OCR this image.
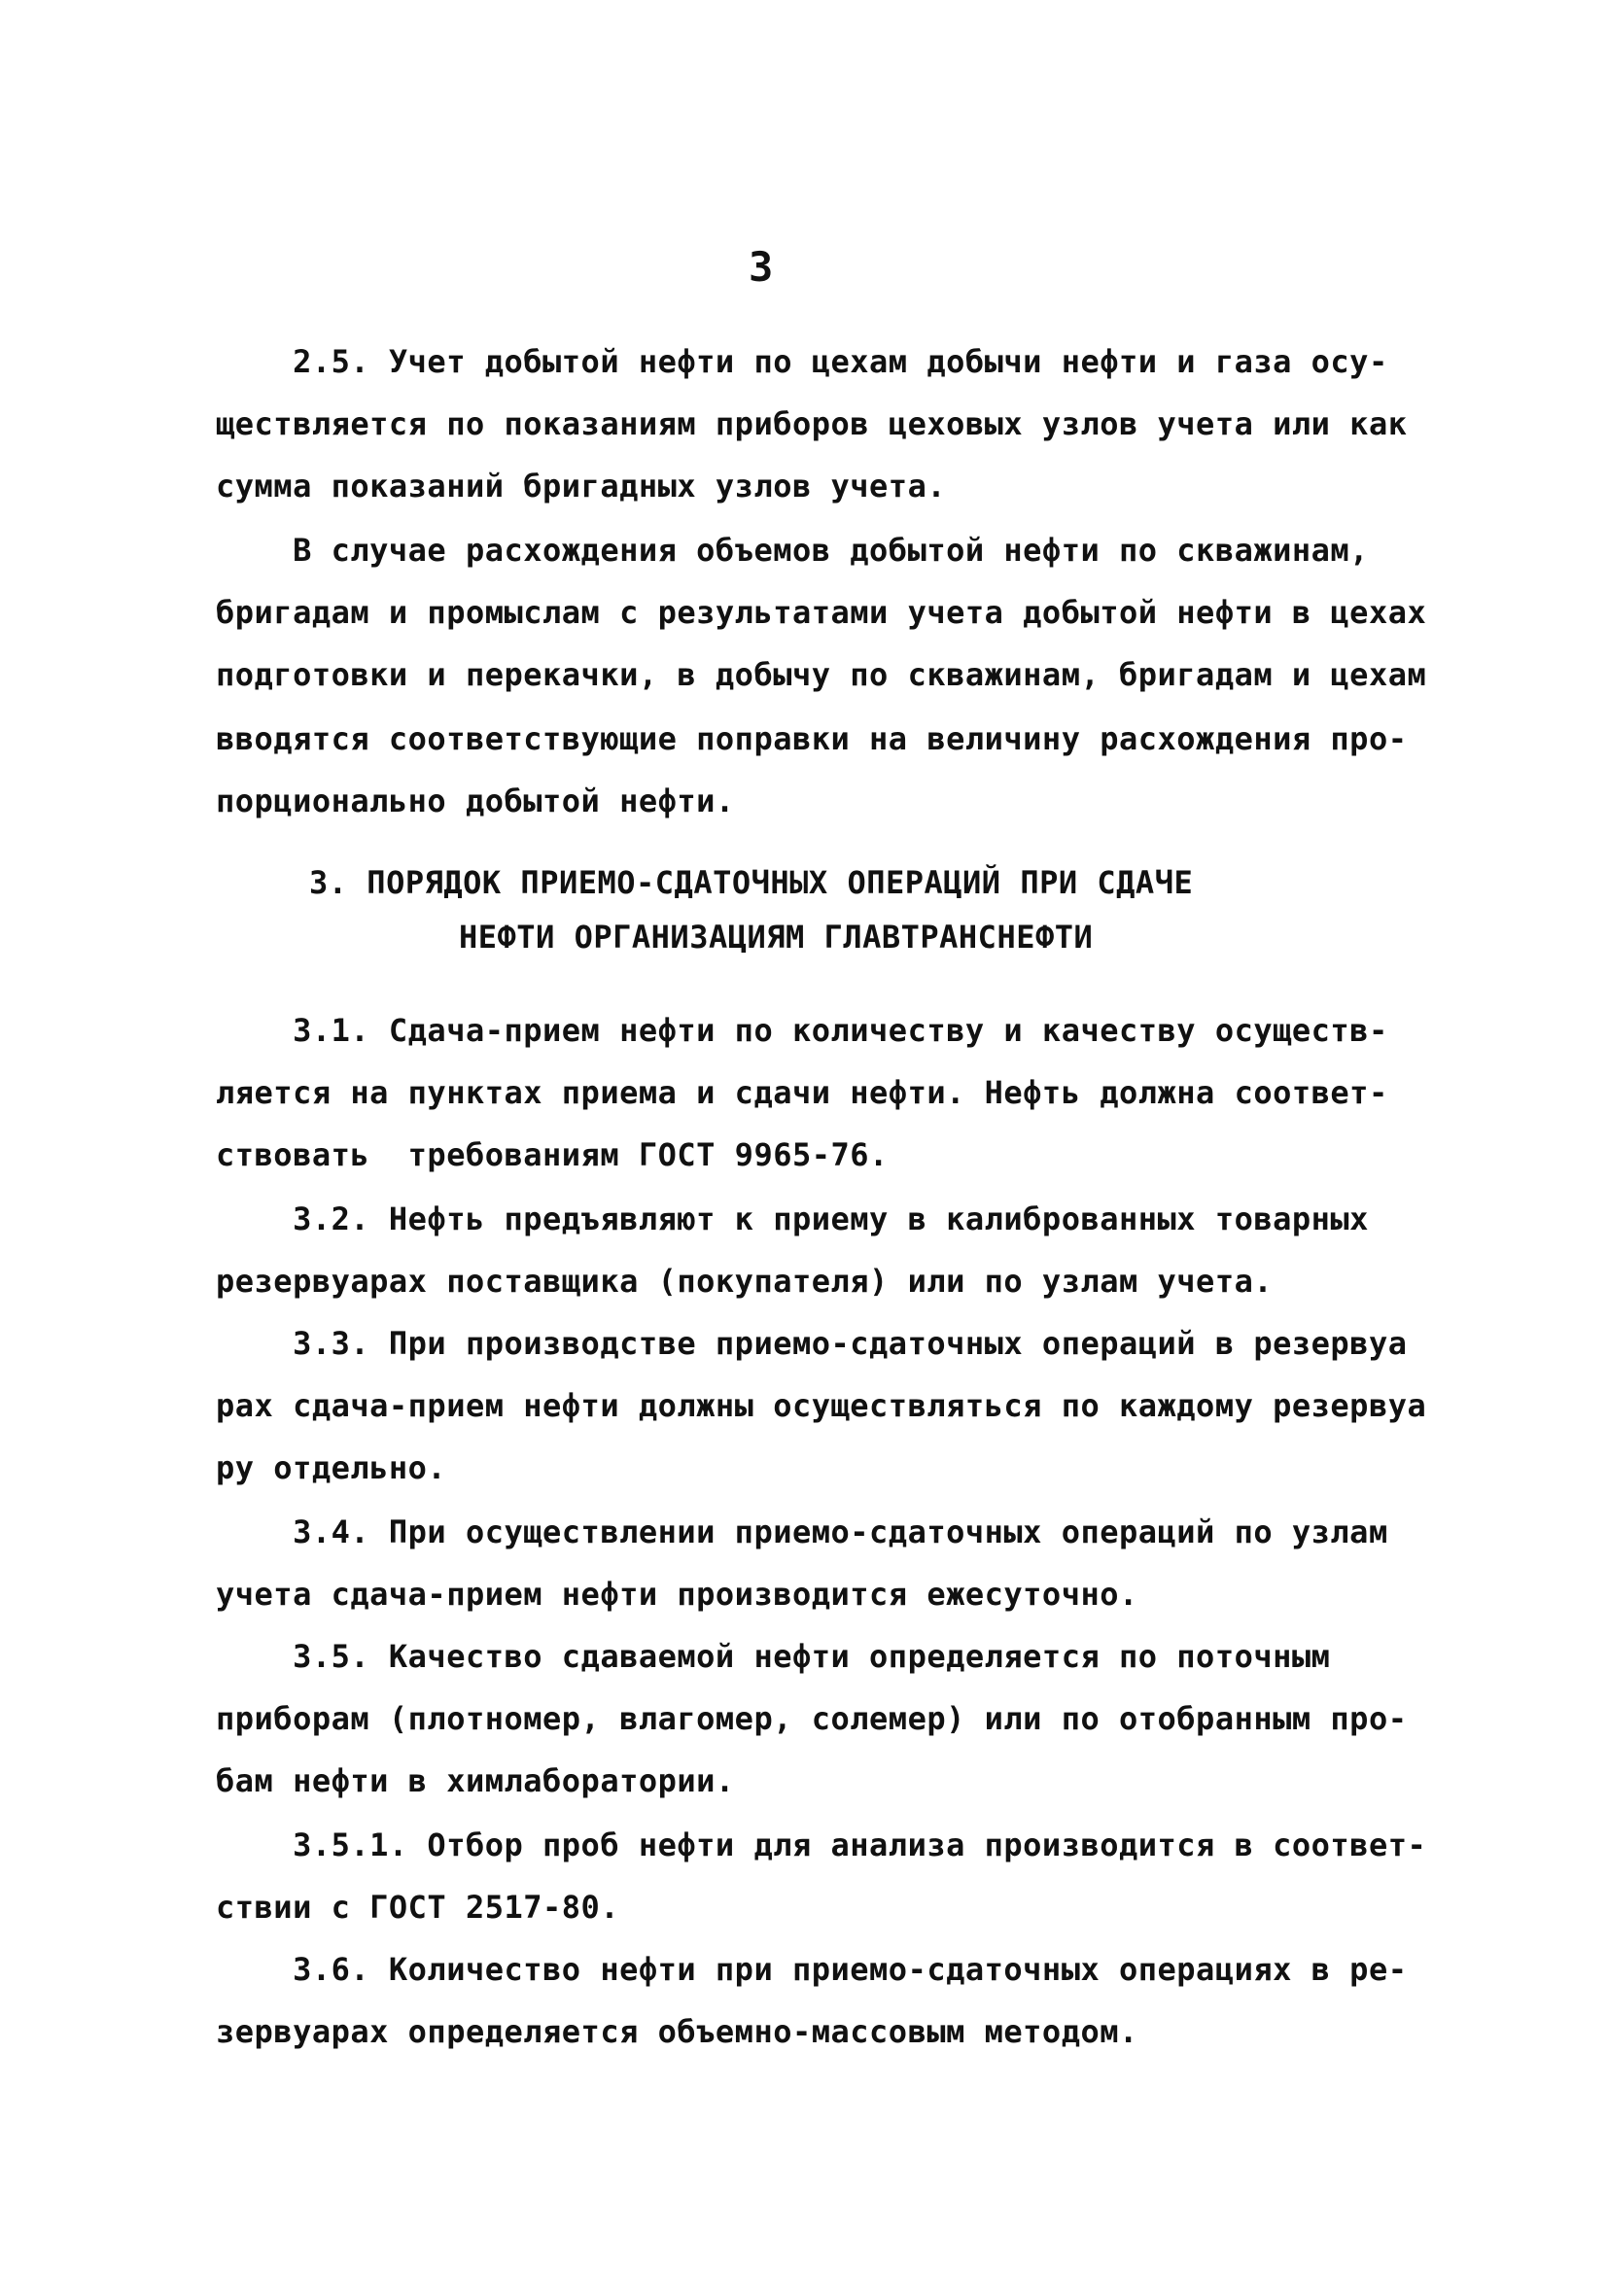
3
2.5. Учет добытой нефти по цехам добычи нефти и газа осу-
ществляется по показаниям приборов цеховых узлов учета или как
сумма показаний бригадных узлов учета.
В случае расхождения объемов добытой нефти по скважинам,
бригадам и промыслам с результатами учета добытой нефти в цехах
подготовки и перекачки, в добычу по скважинам, бригадам и цехам
вводятся соответствующие поправки на величину расхождения про-
порционально добытой нефти.
3. ПОРЯДОК ПРИЕМО-СДАТОЧНЫХ ОПЕРАЦИЙ ПРИ СДАЧЕ
НЕФТИ ОРГАНИЗАЦИЯМ ГЛАВТРАНСНЕФТИ
3.1. Сдача-прием нефти по количеству и качеству осуществ-
ляется на пунктах приема и сдачи нефти. Нефть должна соответ-
ствовать  требованиям ГОСТ 9965-76.
3.2. Нефть предъявляют к приему в калиброванных товарных
резервуарах поставщика (покупателя) или по узлам учета.
3.3. При производстве приемо-сдаточных операций в резервуа
рах сдача-прием нефти должны осуществляться по каждому резервуа
ру отдельно.
3.4. При осуществлении приемо-сдаточных операций по узлам
учета сдача-прием нефти производится ежесуточно.
3.5. Качество сдаваемой нефти определяется по поточным
приборам (плотномер, влагомер, солемер) или по отобранным про-
бам нефти в химлаборатории.
3.5.1. Отбор проб нефти для анализа производится в соответ-
ствии с ГОСТ 2517-80.
3.6. Количество нефти при приемо-сдаточных операциях в ре-
зервуарах определяется объемно-массовым методом.
